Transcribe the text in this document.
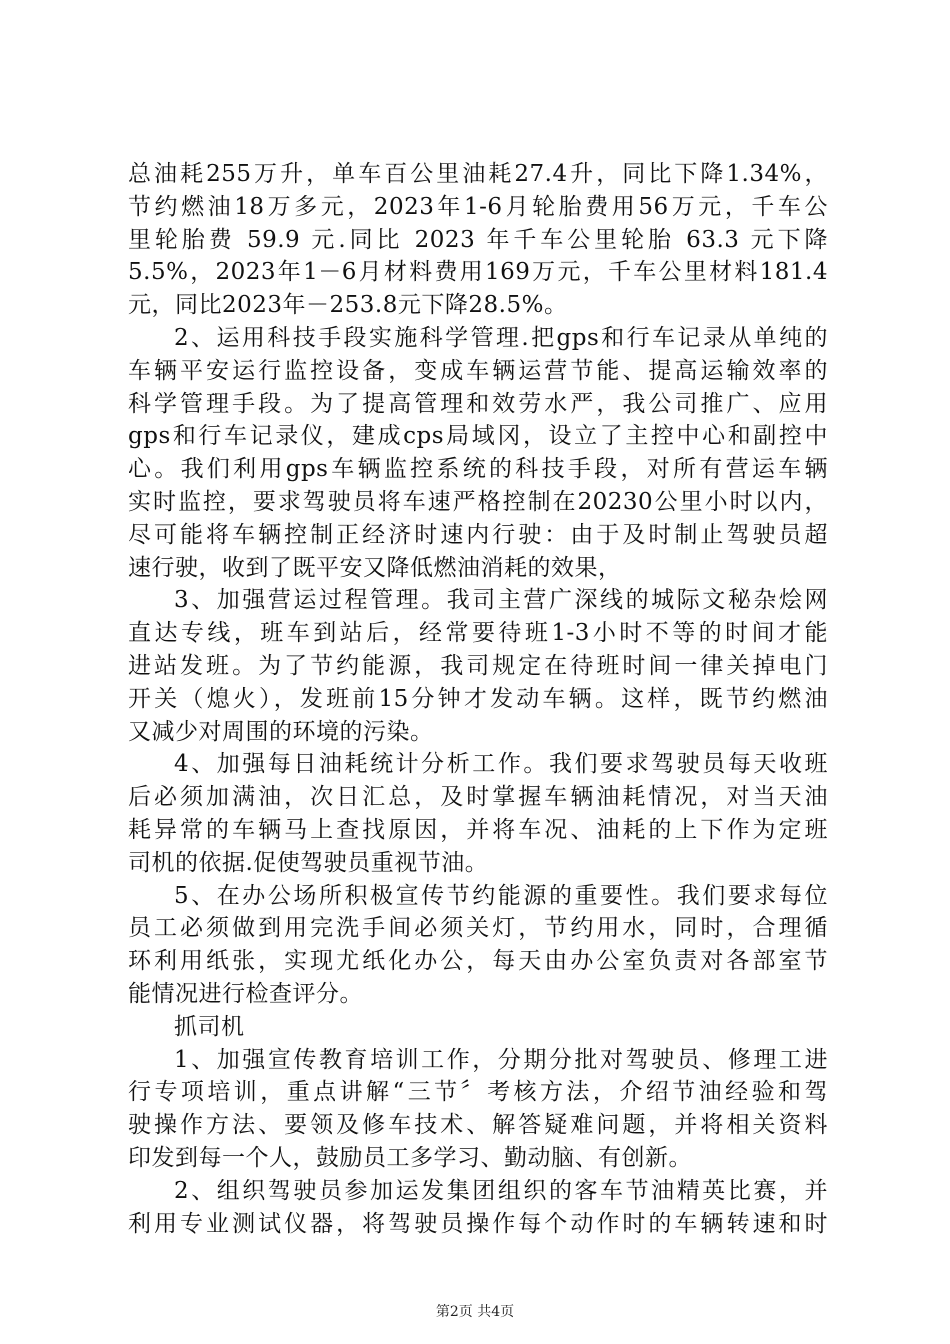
总油耗255万升，单车百公里油耗27.4升，同比下降1.34%，
节约燃油18万多元，2023年1-6月轮胎费用56万元，千车公
里轮胎费 59.9 元.同比 2023 年千车公里轮胎 63.3 元下降
5.5%，2023年1－6月材料费用169万元，千车公里材料181.4
元，同比2023年－253.8元下降28.5%。
2、运用科技手段实施科学管理.把gps和行车记录从单纯的
车辆平安运行监控设备，变成车辆运营节能、提高运输效率的
科学管理手段。为了提高管理和效劳水严，我公司推广、应用
gps和行车记录仪，建成cps局域冈，设立了主控中心和副控中
心。我们利用gps车辆监控系统的科技手段，对所有营运车辆
实时监控，要求驾驶员将车速严格控制在20230公里小时以内，
尽可能将车辆控制正经济时速内行驶：由于及时制止驾驶员超
速行驶，收到了既平安又降低燃油消耗的效果，
3、加强营运过程管理。我司主营广深线的城际文秘杂烩网
直达专线，班车到站后，经常要待班1-3小时不等的时间才能
进站发班。为了节约能源，我司规定在待班时间一律关掉电门
开关（熄火），发班前15分钟才发动车辆。这样，既节约燃油
又减少对周围的环境的污染。
4、加强每日油耗统计分析工作。我们要求驾驶员每天收班
后必须加满油，次日汇总，及时掌握车辆油耗情况，对当天油
耗异常的车辆马上查找原因，并将车况、油耗的上下作为定班
司机的依据.促使驾驶员重视节油。
5、在办公场所积极宣传节约能源的重要性。我们要求每位
员工必须做到用完洗手间必须关灯，节约用水，同时，合理循
环利用纸张，实现尤纸化办公，每天由办公室负责对各部室节
能情况进行检查评分。
抓司机
1、加强宣传教育培训工作，分期分批对驾驶员、修理工进
行专项培训，重点讲解“三节〞考核方法，介绍节油经验和驾
驶操作方法、要领及修车技术、解答疑难问题，并将相关资料
印发到每一个人，鼓励员工多学习、勤动脑、有创新。
2、组织驾驶员参加运发集团组织的客车节油精英比赛，并
利用专业测试仪器，将驾驶员操作每个动作时的车辆转速和时
第2页 共4页
